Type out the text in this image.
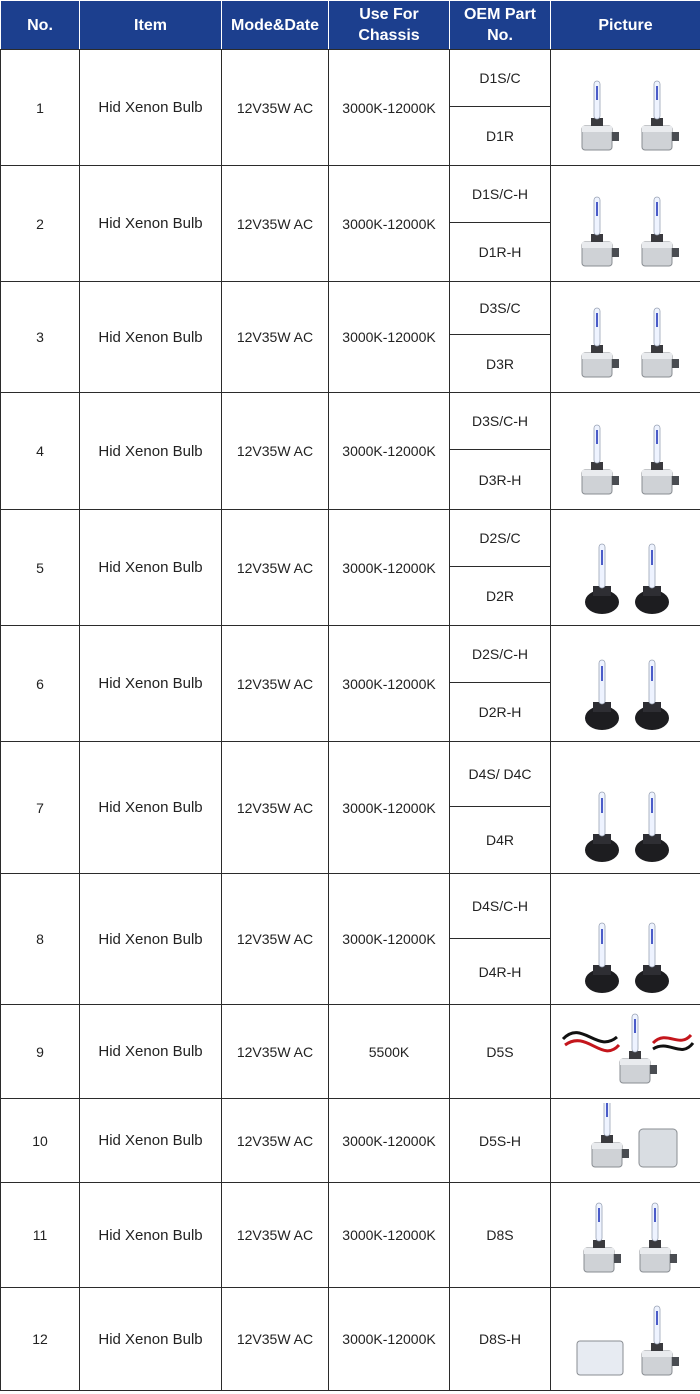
No.	Item	Mode&Date	Use For Chassis	OEM Part No.	Picture
1	Hid Xenon Bulb	12V35W AC	3000K-12000K	D1S/C	

				D1R	
2	Hid Xenon Bulb	12V35W AC	3000K-12000K	D1S/C-H	

				D1R-H	
3	Hid Xenon Bulb	12V35W AC	3000K-12000K	D3S/C	

				D3R	
4	Hid Xenon Bulb	12V35W AC	3000K-12000K	D3S/C-H	

				D3R-H	
5	Hid Xenon Bulb	12V35W AC	3000K-12000K	D2S/C	

				D2R	
6	Hid Xenon Bulb	12V35W AC	3000K-12000K	D2S/C-H	

				D2R-H	
7	Hid Xenon Bulb	12V35W AC	3000K-12000K	D4S/ D4C	

				D4R	
8	Hid Xenon Bulb	12V35W AC	3000K-12000K	D4S/C-H	

				D4R-H	
9	Hid Xenon Bulb	12V35W AC	5500K	D5S	

10	Hid Xenon Bulb	12V35W AC	3000K-12000K	D5S-H	

11	Hid Xenon Bulb	12V35W AC	3000K-12000K	D8S	

12	Hid Xenon Bulb	12V35W AC	3000K-12000K	D8S-H	
